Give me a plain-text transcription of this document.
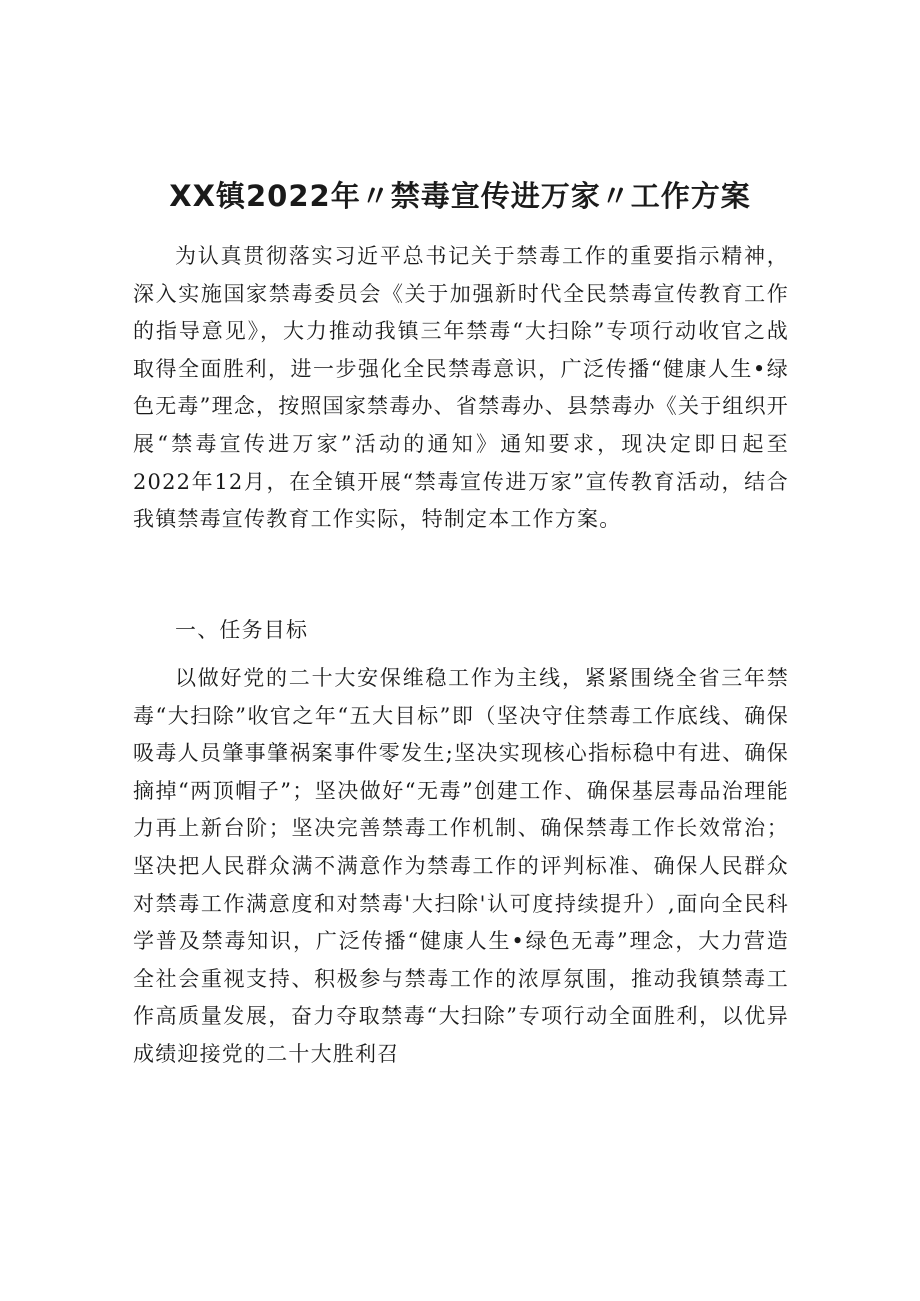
XX镇2022年〃禁毒宣传进万家〃工作方案

为认真贯彻落实习近平总书记关于禁毒工作的重要指示精神，深入实施国家禁毒委员会《关于加强新时代全民禁毒宣传教育工作的指导意见》，大力推动我镇三年禁毒“大扫除”专项行动收官之战取得全面胜利，进一步强化全民禁毒意识，广泛传播“健康人生•绿色无毒”理念，按照国家禁毒办、省禁毒办、县禁毒办《关于组织开展“禁毒宣传进万家”活动的通知》通知要求，现决定即日起至2022年12月，在全镇开展“禁毒宣传进万家”宣传教育活动，结合我镇禁毒宣传教育工作实际，特制定本工作方案。

一、任务目标

以做好党的二十大安保维稳工作为主线，紧紧围绕全省三年禁毒“大扫除”收官之年“五大目标”即（坚决守住禁毒工作底线、确保吸毒人员肇事肇祸案事件零发生;坚决实现核心指标稳中有进、确保摘掉“两顶帽子”；坚决做好“无毒”创建工作、确保基层毒品治理能力再上新台阶；坚决完善禁毒工作机制、确保禁毒工作长效常治；坚决把人民群众满不满意作为禁毒工作的评判标准、确保人民群众对禁毒工作满意度和对禁毒'大扫除'认可度持续提升）,面向全民科学普及禁毒知识，广泛传播“健康人生•绿色无毒”理念，大力营造全社会重视支持、积极参与禁毒工作的浓厚氛围，推动我镇禁毒工作高质量发展，奋力夺取禁毒“大扫除”专项行动全面胜利，以优异成绩迎接党的二十大胜利召
